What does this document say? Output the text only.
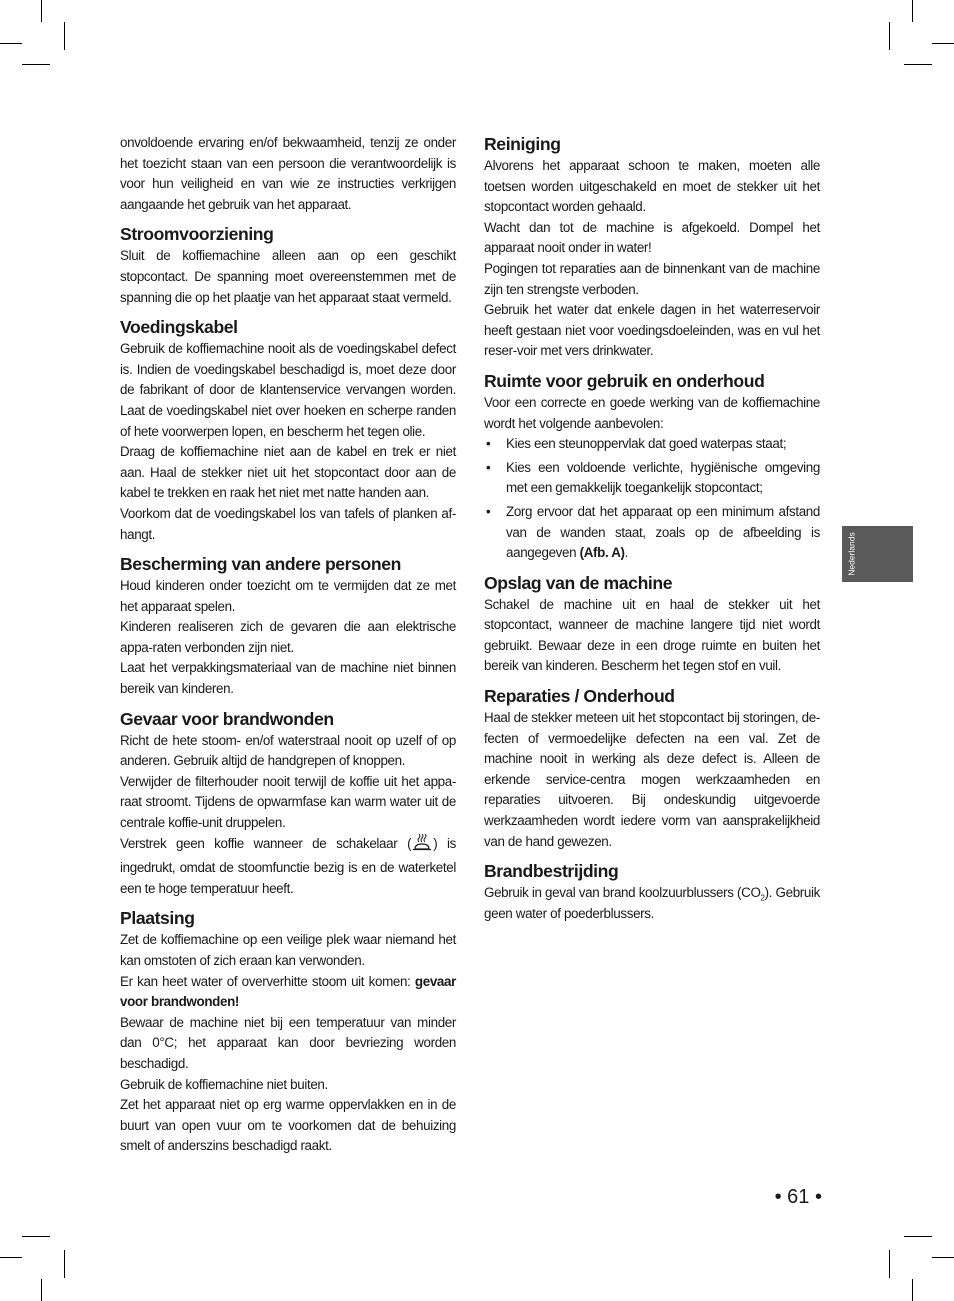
onvoldoende ervaring en/of bekwaamheid, tenzij ze onder het toezicht staan van een persoon die verantwoordelijk is voor hun veiligheid en van wie ze instructies verkrijgen aangaande het gebruik van het apparaat.

Stroomvoorziening

Sluit de koffiemachine alleen aan op een geschikt stopcontact. De spanning moet overeenstemmen met de spanning die op het plaatje van het apparaat staat vermeld.

Voedingskabel

Gebruik de koffiemachine nooit als de voedingskabel defect is. Indien de voedingskabel beschadigd is, moet deze door de fabrikant of door de klantenservice vervangen worden. Laat de voedingskabel niet over hoeken en scherpe randen of hete voorwerpen lopen, en bescherm het tegen olie.

Draag de koffiemachine niet aan de kabel en trek er niet aan. Haal de stekker niet uit het stopcontact door aan de kabel te trekken en raak het niet met natte handen aan.

Voorkom dat de voedingskabel los van tafels of planken af-hangt.

Bescherming van andere personen

Houd kinderen onder toezicht om te vermijden dat ze met het apparaat spelen.

Kinderen realiseren zich de gevaren die aan elektrische appa-raten verbonden zijn niet.

Laat het verpakkingsmateriaal van de machine niet binnen bereik van kinderen.

Gevaar voor brandwonden

Richt de hete stoom- en/of waterstraal nooit op uzelf of op anderen. Gebruik altijd de handgrepen of knoppen.

Verwijder de filterhouder nooit terwijl de koffie uit het appa-raat stroomt. Tijdens de opwarmfase kan warm water uit de centrale koffie-unit druppelen.

Verstrek geen koffie wanneer de schakelaar ( ) is ingedrukt, omdat de stoomfunctie bezig is en de waterketel een te hoge temperatuur heeft.

Plaatsing

Zet de koffiemachine op een veilige plek waar niemand het kan omstoten of zich eraan kan verwonden.

Er kan heet water of oververhitte stoom uit komen: gevaar voor brandwonden!

Bewaar de machine niet bij een temperatuur van minder dan 0°C; het apparaat kan door bevriezing worden beschadigd.

Gebruik de koffiemachine niet buiten.

Zet het apparaat niet op erg warme oppervlakken en in de buurt van open vuur om te voorkomen dat de behuizing smelt of anderszins beschadigd raakt.

Reiniging

Alvorens het apparaat schoon te maken, moeten alle toetsen worden uitgeschakeld en moet de stekker uit het stopcontact worden gehaald.

Wacht dan tot de machine is afgekoeld. Dompel het apparaat nooit onder in water!

Pogingen tot reparaties aan de binnenkant van de machine zijn ten strengste verboden.

Gebruik het water dat enkele dagen in het waterreservoir heeft gestaan niet voor voedingsdoeleinden, was en vul het reser-voir met vers drinkwater.

Ruimte voor gebruik en onderhoud

Voor een correcte en goede werking van de koffiemachine wordt het volgende aanbevolen:

• Kies een steunoppervlak dat goed waterpas staat;
• Kies een voldoende verlichte, hygiënische omgeving met een gemakkelijk toegankelijk stopcontact;
• Zorg ervoor dat het apparaat op een minimum afstand van de wanden staat, zoals op de afbeelding is aangegeven (Afb. A).
Opslag van de machine

Schakel de machine uit en haal de stekker uit het stopcontact, wanneer de machine langere tijd niet wordt gebruikt. Bewaar deze in een droge ruimte en buiten het bereik van kinderen. Bescherm het tegen stof en vuil.

Reparaties / Onderhoud

Haal de stekker meteen uit het stopcontact bij storingen, de-fecten of vermoedelijke defecten na een val. Zet de machine nooit in werking als deze defect is. Alleen de erkende service-centra mogen werkzaamheden en reparaties uitvoeren. Bij ondeskundig uitgevoerde werkzaamheden wordt iedere vorm van aansprakelijkheid van de hand gewezen.

Brandbestrijding

Gebruik in geval van brand koolzuurblussers $(CO_2)$. Gebruik geen water of poederblussers.

Nederlands
• 61 •
